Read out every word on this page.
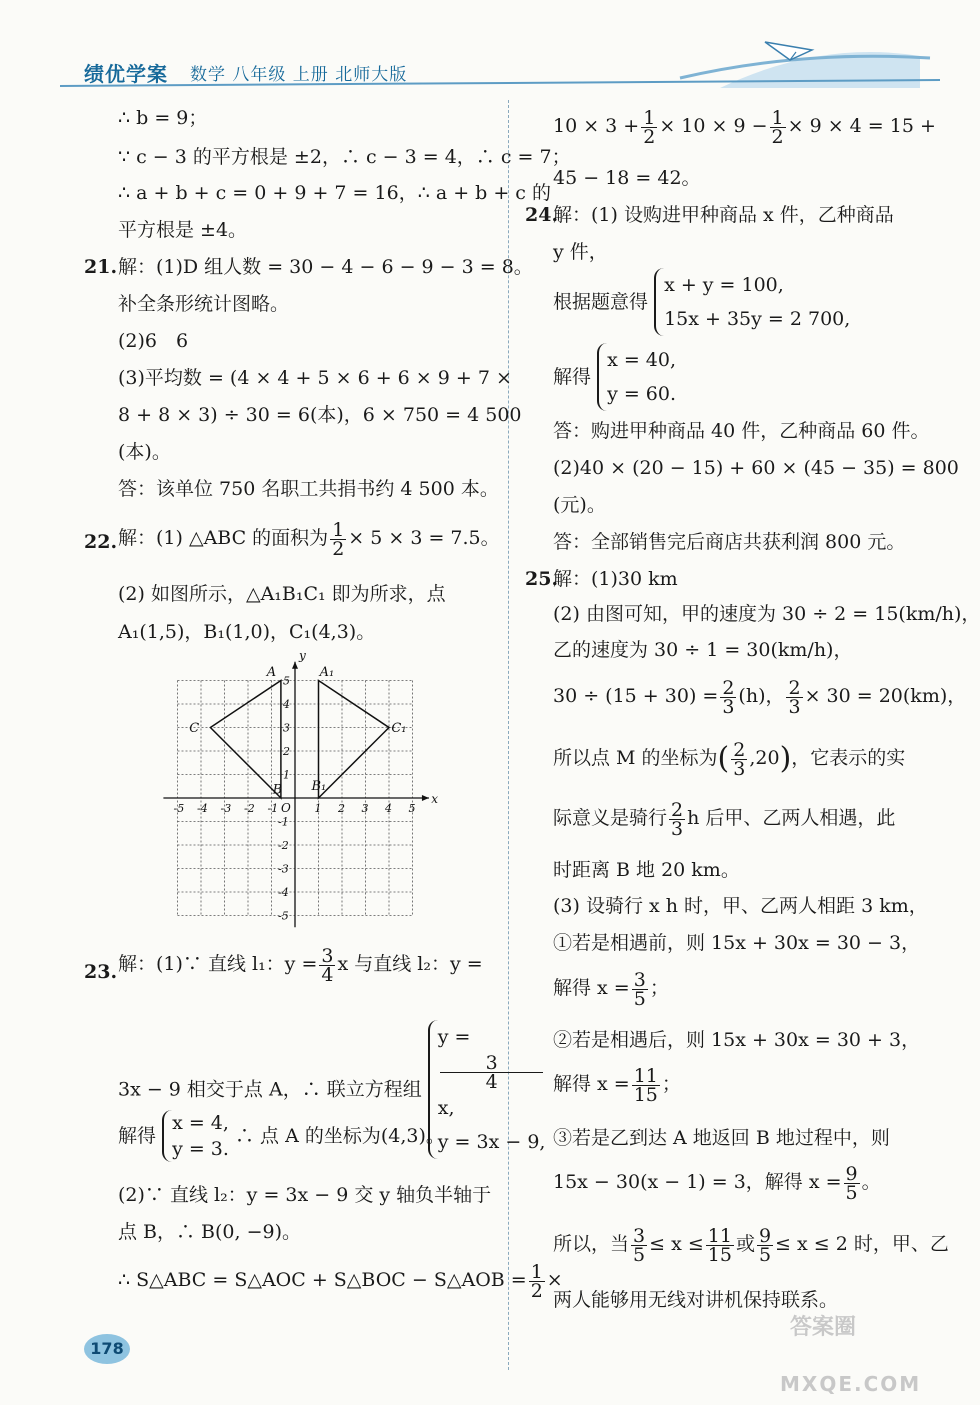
绩优学案 数学 八年级 上册 北师大版
∴ b = 9；
∵ c − 3 的平方根是 ±2，∴ c − 3 = 4，∴ c = 7；
∴ a + b + c = 0 + 9 + 7 = 16，∴ a + b + c 的
平方根是 ±4。
21. 解：(1)D 组人数 = 30 − 4 − 6 − 9 − 3 = 8。
补全条形统计图略。
(2)6　6
(3)平均数 = (4 × 4 + 5 × 6 + 6 × 9 + 7 ×
8 + 8 × 3) ÷ 30 = 6(本)，6 × 750 = 4 500
(本)。
答：该单位 750 名职工共捐书约 4 500 本。
22. 解：(1) △ABC 的面积为 $\frac{1}{2} \times 5 \times 3 = 7.5$。
(2) 如图所示，△A₁B₁C₁ 即为所求，点
A₁(1,5)，B₁(1,0)，C₁(4,3)。
-5 -4 -3 -2 -1	1 2 3 4 5
5
4
3
2
1
-1
-2
-3
-4
-5
O
x
y
A
B
C
A₁
B₁
C₁
23. 解：(1)∵ 直线 l₁：$y = \frac{3}{4}$ x 与直线 l₂：y =
3x − 9 相交于点 A，∴ 联立方程组
y =
3
4
x,
y = 3x − 9,
解得
x = 4,
y = 3.
∴ 点 A 的坐标为(4,3)。
(2)∵ 直线 l₂：y = 3x − 9 交 y 轴负半轴于
点 B，∴ B(0, −9)。
∴ S△ABC = S△AOC + S△BOC − S△AOB = $\frac{1}{2}$ ×
$10 \times 3 + \frac{1}{2} \times 10 \times 9 - \frac{1}{2} \times 9 \times 4 = 15$ +
45 − 18 = 42。
24.
解：(1) 设购进甲种商品 x 件，乙种商品
y 件，
根据题意得
x + y = 100,
15x + 35y = 2 700,
解得
x = 40,
y = 60.
答：购进甲种商品 40 件，乙种商品 60 件。
(2)40 × (20 − 15) + 60 × (45 − 35) = 800
(元)。
答：全部销售完后商店共获利润 800 元。
25.
解：(1)30 km
(2) 由图可知，甲的速度为 30 ÷ 2 = 15(km/h)，
乙的速度为 30 ÷ 1 = 30(km/h)，
$30 \div (15 + 30) = \frac{2}{3} (h)$， $\frac{2}{3} \times 30 = 20(km)$，
所以点 M 的坐标为( $\frac{2}{3} ,20$)，它表示的实
际意义是骑行 $\frac{2}{3}$ h 后甲、乙两人相遇，此
时距离 B 地 20 km。
(3) 设骑行 x h 时，甲、乙两人相距 3 km，
①若是相遇前，则 15x + 30x = 30 − 3，
解得 $x = \frac{3}{5}$ ；
②若是相遇后，则 15x + 30x = 30 + 3，
解得 $x = \frac{11}{15}$ ；
③若是乙到达 A 地返回 B 地过程中，则
15x − 30(x − 1) = 3，解得 $x = \frac{9}{5}$ 。
所以，当 $\frac{3}{5} \le x \le \frac{11}{15}$ 或 $\frac{9}{5} \le x \le 2$ 时，甲、乙
两人能够用无线对讲机保持联系。
178
答案圈
MXQE.COM
